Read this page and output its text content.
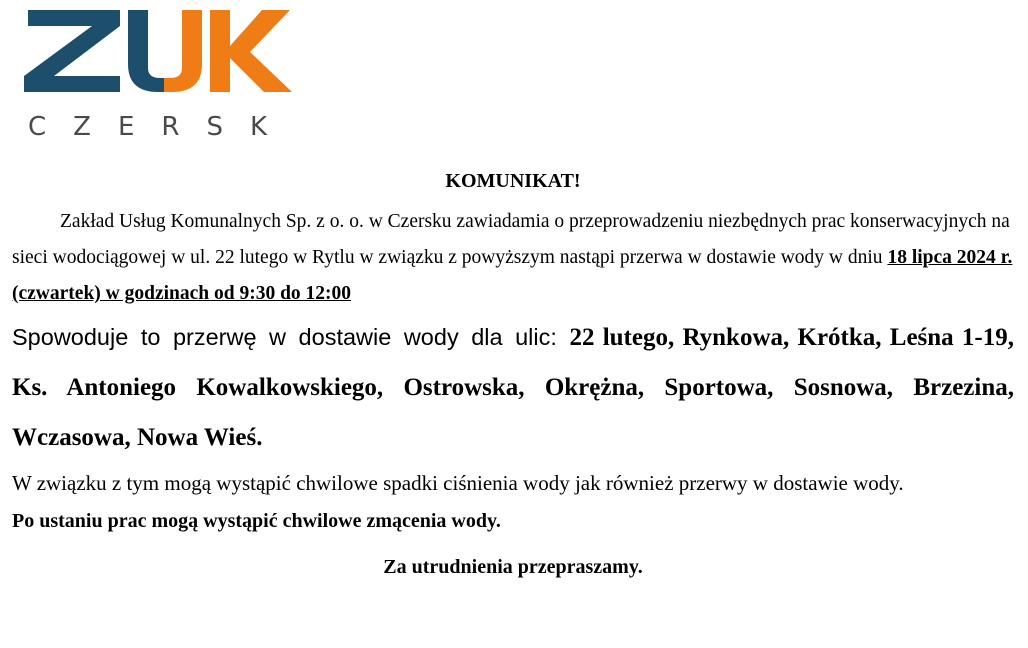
CZERSK
KOMUNIKAT!

Zakład Usług Komunalnych Sp. z o. o. w Czersku zawiadamia o przeprowadzeniu niezbędnych prac konserwacyjnych na sieci wodociągowej w ul. 22 lutego w Rytlu w związku z powyższym nastąpi przerwa w dostawie wody w dniu 18 lipca 2024 r. (czwartek) w godzinach od 9:30 do 12:00

Spowoduje to przerwę w dostawie wody dla ulic: 22 lutego, Rynkowa, Krótka, Leśna 1-19, Ks. Antoniego Kowalkowskiego, Ostrowska, Okrężna, Sportowa, Sosnowa, Brzezina, Wczasowa, Nowa Wieś.

W związku z tym mogą wystąpić chwilowe spadki ciśnienia wody jak również przerwy w dostawie wody.

Po ustaniu prac mogą wystąpić chwilowe zmącenia wody.

Za utrudnienia przepraszamy.
